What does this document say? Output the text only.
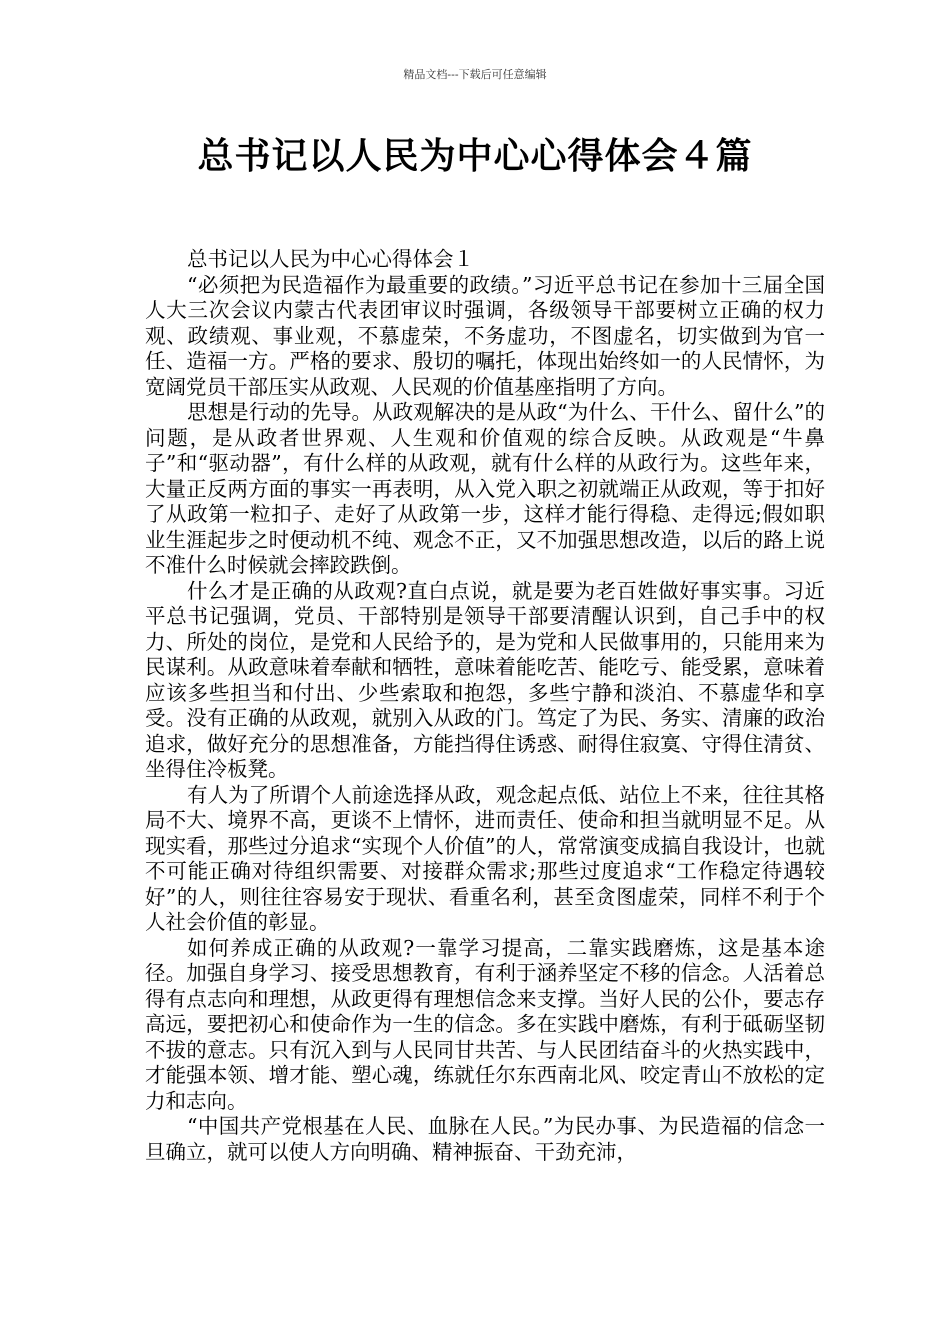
精品文档---下载后可任意编辑
总书记以人民为中心心得体会４篇

总书记以人民为中心心得体会１

“必须把为民造福作为最重要的政绩。”习近平总书记在参加十三届全国人大三次会议内蒙古代表团审议时强调，各级领导干部要树立正确的权力观、政绩观、事业观，不慕虚荣，不务虚功，不图虚名，切实做到为官一任、造福一方。严格的要求、殷切的嘱托，体现出始终如一的人民情怀，为宽阔党员干部压实从政观、人民观的价值基座指明了方向。

思想是行动的先导。从政观解决的是从政“为什么、干什么、留什么”的问题，是从政者世界观、人生观和价值观的综合反映。从政观是“牛鼻子”和“驱动器”，有什么样的从政观，就有什么样的从政行为。这些年来，大量正反两方面的事实一再表明，从入党入职之初就端正从政观，等于扣好了从政第一粒扣子、走好了从政第一步，这样才能行得稳、走得远;假如职业生涯起步之时便动机不纯、观念不正，又不加强思想改造，以后的路上说不准什么时候就会摔跤跌倒。

什么才是正确的从政观?直白点说，就是要为老百姓做好事实事。习近平总书记强调，党员、干部特别是领导干部要清醒认识到，自己手中的权力、所处的岗位，是党和人民给予的，是为党和人民做事用的，只能用来为民谋利。从政意味着奉献和牺牲，意味着能吃苦、能吃亏、能受累，意味着应该多些担当和付出、少些索取和抱怨，多些宁静和淡泊、不慕虚华和享受。没有正确的从政观，就别入从政的门。笃定了为民、务实、清廉的政治追求，做好充分的思想准备，方能挡得住诱惑、耐得住寂寞、守得住清贫、坐得住冷板凳。

有人为了所谓个人前途选择从政，观念起点低、站位上不来，往往其格局不大、境界不高，更谈不上情怀，进而责任、使命和担当就明显不足。从现实看，那些过分追求“实现个人价值”的人，常常演变成搞自我设计，也就不可能正确对待组织需要、对接群众需求;那些过度追求“工作稳定待遇较好”的人，则往往容易安于现状、看重名利，甚至贪图虚荣，同样不利于个人社会价值的彰显。

如何养成正确的从政观?一靠学习提高，二靠实践磨炼，这是基本途径。加强自身学习、接受思想教育，有利于涵养坚定不移的信念。人活着总得有点志向和理想，从政更得有理想信念来支撑。当好人民的公仆，要志存高远，要把初心和使命作为一生的信念。多在实践中磨炼，有利于砥砺坚韧不拔的意志。只有沉入到与人民同甘共苦、与人民团结奋斗的火热实践中，才能强本领、增才能、塑心魂，练就任尔东西南北风、咬定青山不放松的定力和志向。

“中国共产党根基在人民、血脉在人民。”为民办事、为民造福的信念一旦确立，就可以使人方向明确、精神振奋、干劲充沛，
